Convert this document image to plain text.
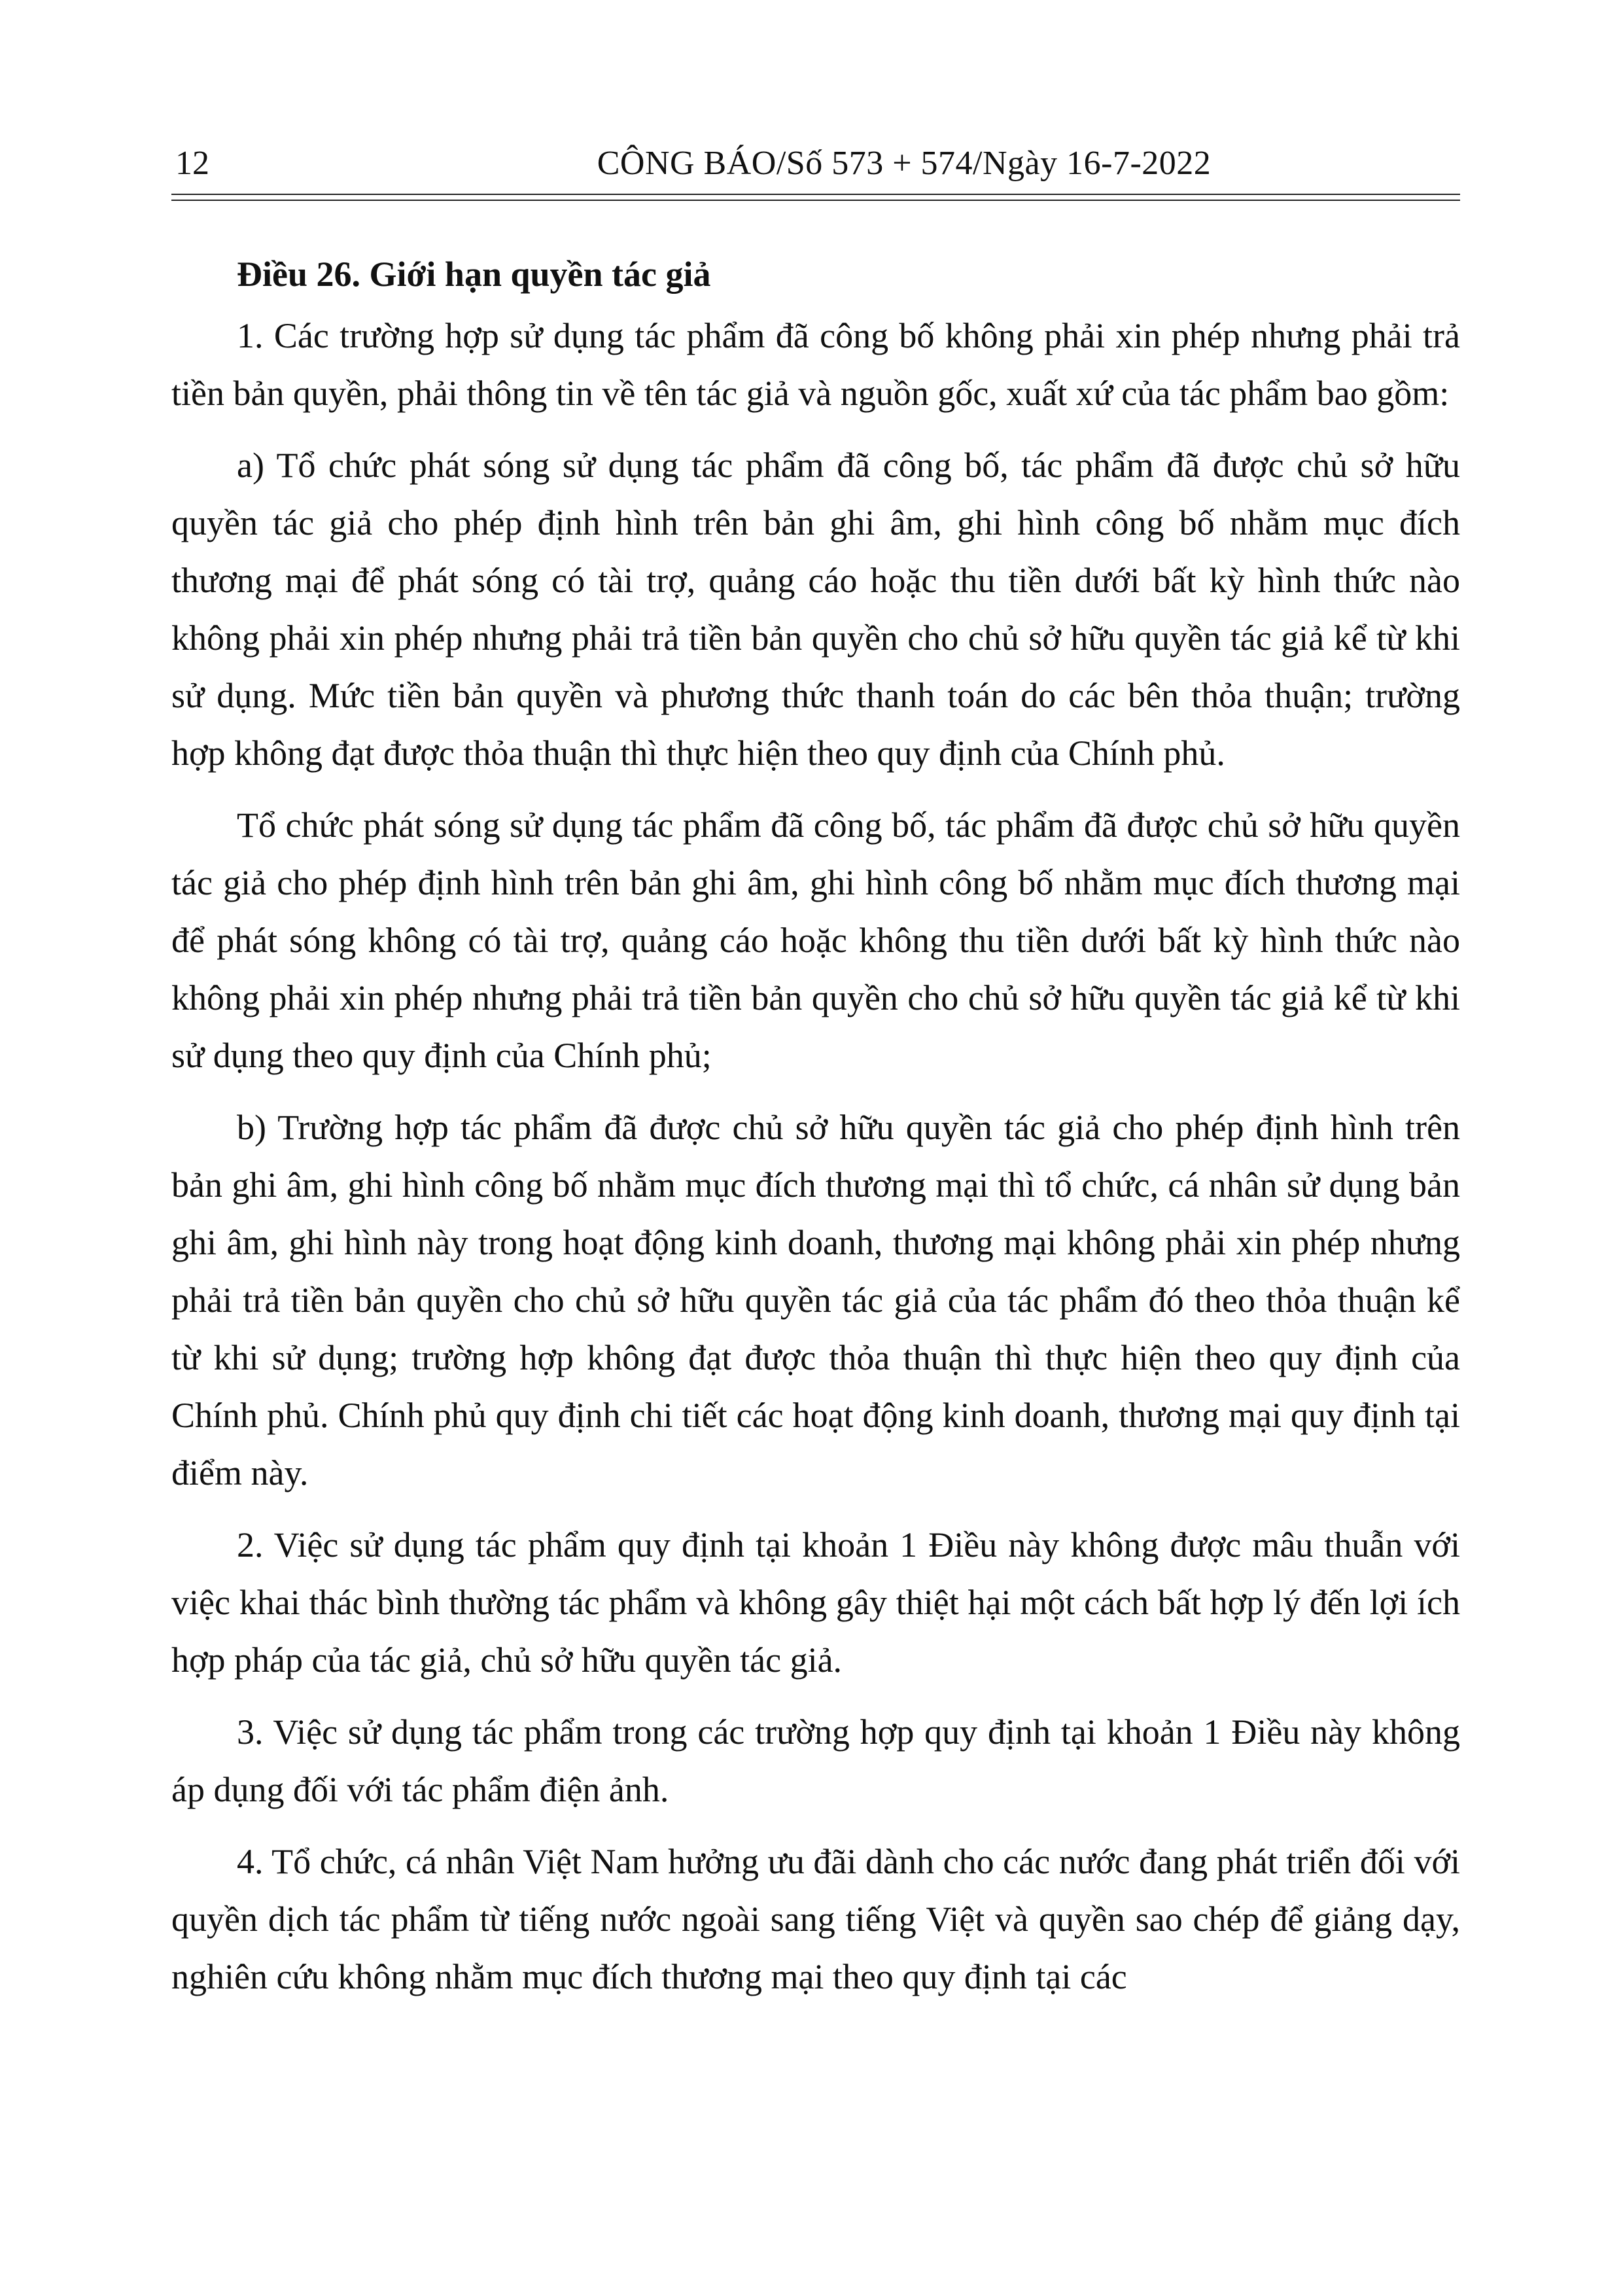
12	CÔNG BÁO/Số 573 + 574/Ngày 16-7-2022

Điều 26. Giới hạn quyền tác giả

1. Các trường hợp sử dụng tác phẩm đã công bố không phải xin phép nhưng phải trả tiền bản quyền, phải thông tin về tên tác giả và nguồn gốc, xuất xứ của tác phẩm bao gồm:

a) Tổ chức phát sóng sử dụng tác phẩm đã công bố, tác phẩm đã được chủ sở hữu quyền tác giả cho phép định hình trên bản ghi âm, ghi hình công bố nhằm mục đích thương mại để phát sóng có tài trợ, quảng cáo hoặc thu tiền dưới bất kỳ hình thức nào không phải xin phép nhưng phải trả tiền bản quyền cho chủ sở hữu quyền tác giả kể từ khi sử dụng. Mức tiền bản quyền và phương thức thanh toán do các bên thỏa thuận; trường hợp không đạt được thỏa thuận thì thực hiện theo quy định của Chính phủ.

Tổ chức phát sóng sử dụng tác phẩm đã công bố, tác phẩm đã được chủ sở hữu quyền tác giả cho phép định hình trên bản ghi âm, ghi hình công bố nhằm mục đích thương mại để phát sóng không có tài trợ, quảng cáo hoặc không thu tiền dưới bất kỳ hình thức nào không phải xin phép nhưng phải trả tiền bản quyền cho chủ sở hữu quyền tác giả kể từ khi sử dụng theo quy định của Chính phủ;

b) Trường hợp tác phẩm đã được chủ sở hữu quyền tác giả cho phép định hình trên bản ghi âm, ghi hình công bố nhằm mục đích thương mại thì tổ chức, cá nhân sử dụng bản ghi âm, ghi hình này trong hoạt động kinh doanh, thương mại không phải xin phép nhưng phải trả tiền bản quyền cho chủ sở hữu quyền tác giả của tác phẩm đó theo thỏa thuận kể từ khi sử dụng; trường hợp không đạt được thỏa thuận thì thực hiện theo quy định của Chính phủ. Chính phủ quy định chi tiết các hoạt động kinh doanh, thương mại quy định tại điểm này.

2. Việc sử dụng tác phẩm quy định tại khoản 1 Điều này không được mâu thuẫn với việc khai thác bình thường tác phẩm và không gây thiệt hại một cách bất hợp lý đến lợi ích hợp pháp của tác giả, chủ sở hữu quyền tác giả.

3. Việc sử dụng tác phẩm trong các trường hợp quy định tại khoản 1 Điều này không áp dụng đối với tác phẩm điện ảnh.

4. Tổ chức, cá nhân Việt Nam hưởng ưu đãi dành cho các nước đang phát triển đối với quyền dịch tác phẩm từ tiếng nước ngoài sang tiếng Việt và quyền sao chép để giảng dạy, nghiên cứu không nhằm mục đích thương mại theo quy định tại các
